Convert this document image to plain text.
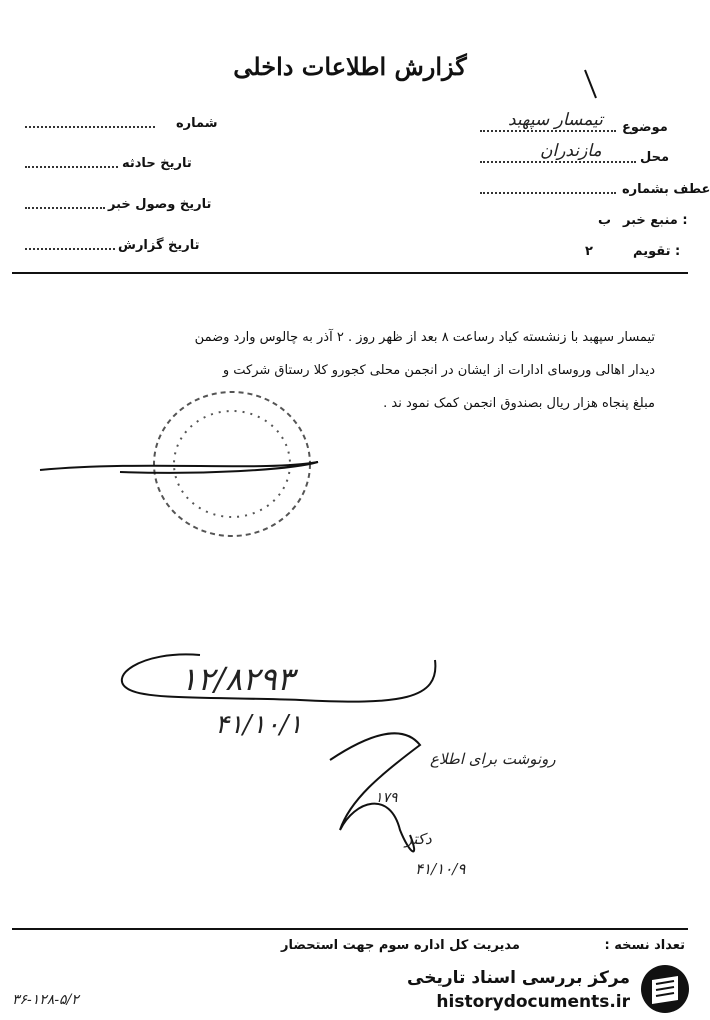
گزارش اطلاعات داخلی
شماره
تاریخ حادثه
تاریخ وصول خبر
تاریخ گزارش
موضوع
تیمسار سپهبد
محل
مازندران
عطف بشماره
منبع خبر :
ب
تقویم :
۲
تیمسار سپهبد با زنشسته کیاد رساعت ۸ بعد از ظهر روز . ۲ آذر به چالوس وارد وضمن
دیدار اهالی وروسای ادارات از ایشان در انجمن محلی کجورو کلا رستاق شرکت و
مبلغ پنجاه هزار ریال بصندوق انجمن کمک نمود ند .
۱۲/۸۲۹۳
۴۱/۱۰/۱
رونوشت برای اطلاع
۱۷۹
دکتر
۴۱/۱۰/۹
تعداد نسخه :
مدیریت کل اداره سوم جهت استحضار
۳۶-۱۲۸-۵/۲
مرکز بررسی اسناد تاریخی
historydocuments.ir
